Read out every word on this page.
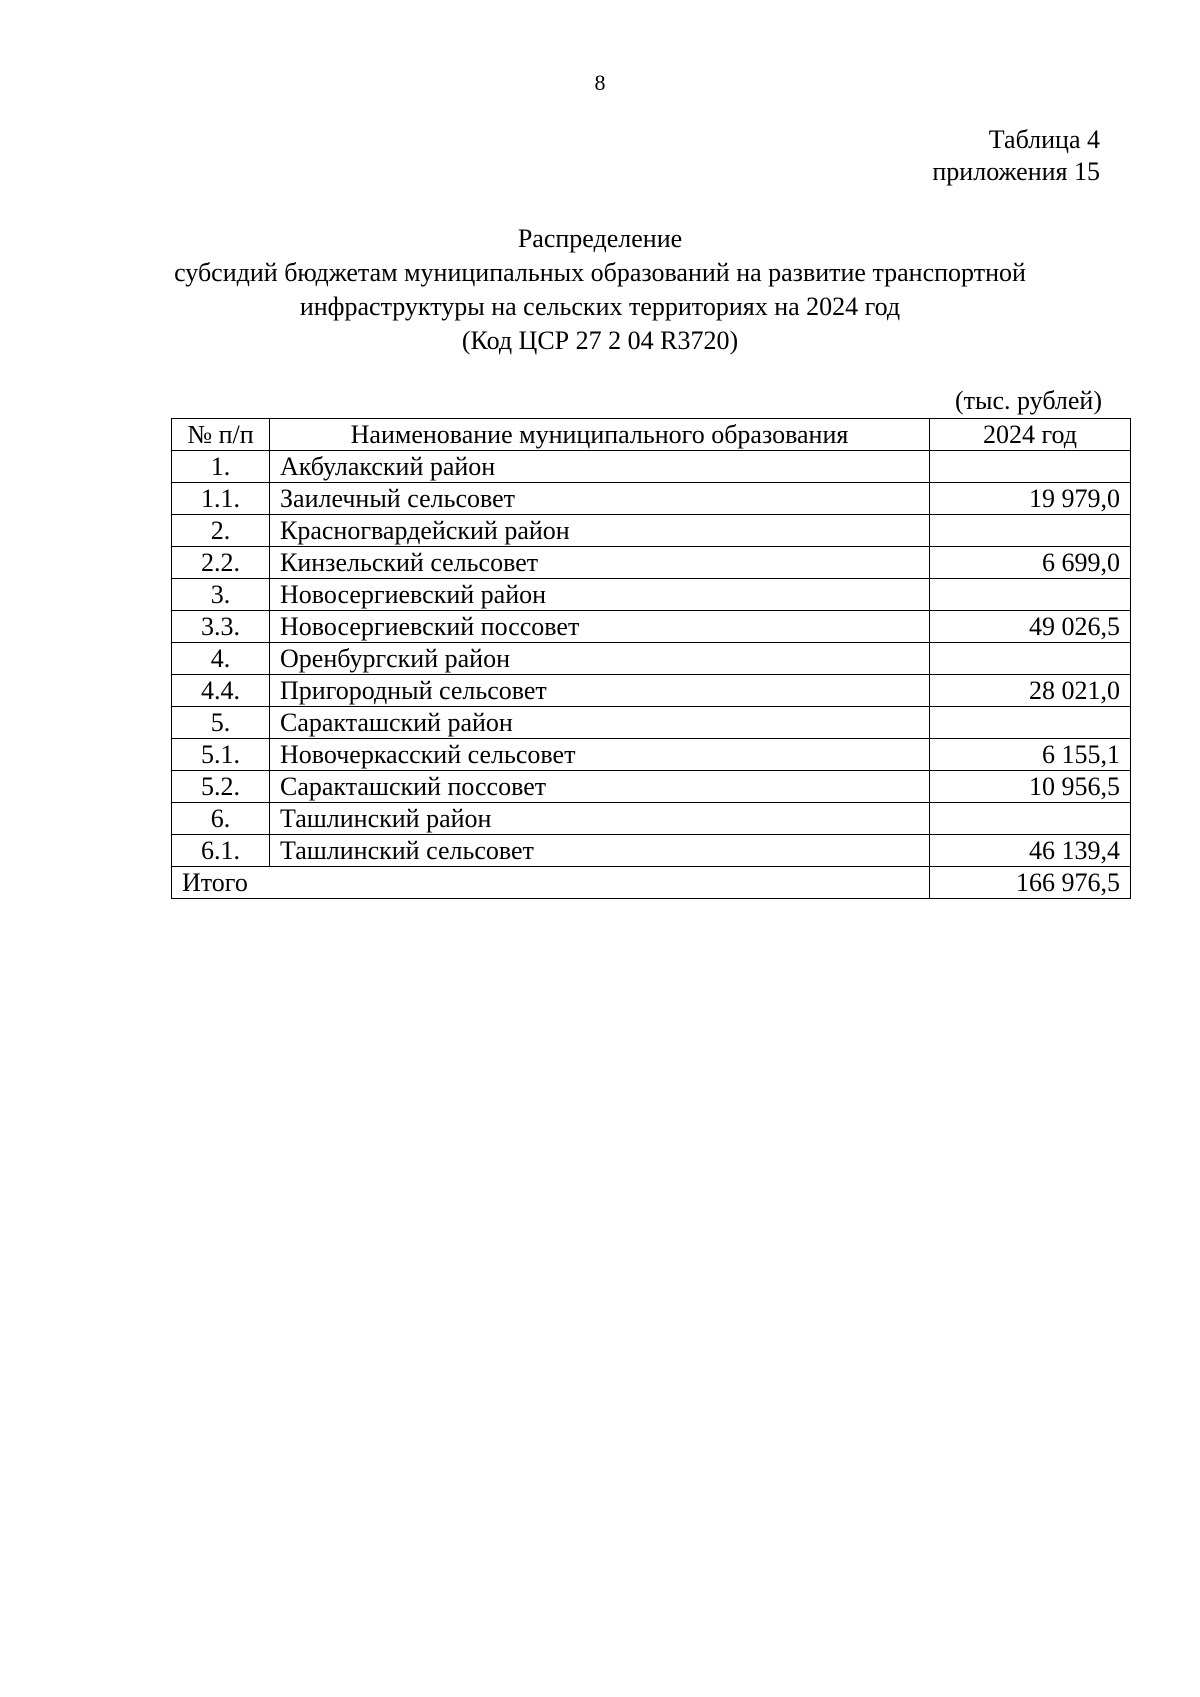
8
Таблица 4
приложения 15
Распределение
субсидий бюджетам муниципальных образований на развитие транспортной
инфраструктуры на сельских территориях на 2024 год
(Код ЦСР 27 2 04 R3720)
(тыс. рублей)
№ п/п	Наименование муниципального образования	2024 год
1.	Акбулакский район	
1.1.	Заилечный сельсовет	19 979,0
2.	Красногвардейский район	
2.2.	Кинзельский сельсовет	6 699,0
3.	Новосергиевский район	
3.3.	Новосергиевский поссовет	49 026,5
4.	Оренбургский район	
4.4.	Пригородный сельсовет	28 021,0
5.	Саракташский район	
5.1.	Новочеркасский сельсовет	6 155,1
5.2.	Саракташский поссовет	10 956,5
6.	Ташлинский район	
6.1.	Ташлинский сельсовет	46 139,4
Итого		166 976,5
